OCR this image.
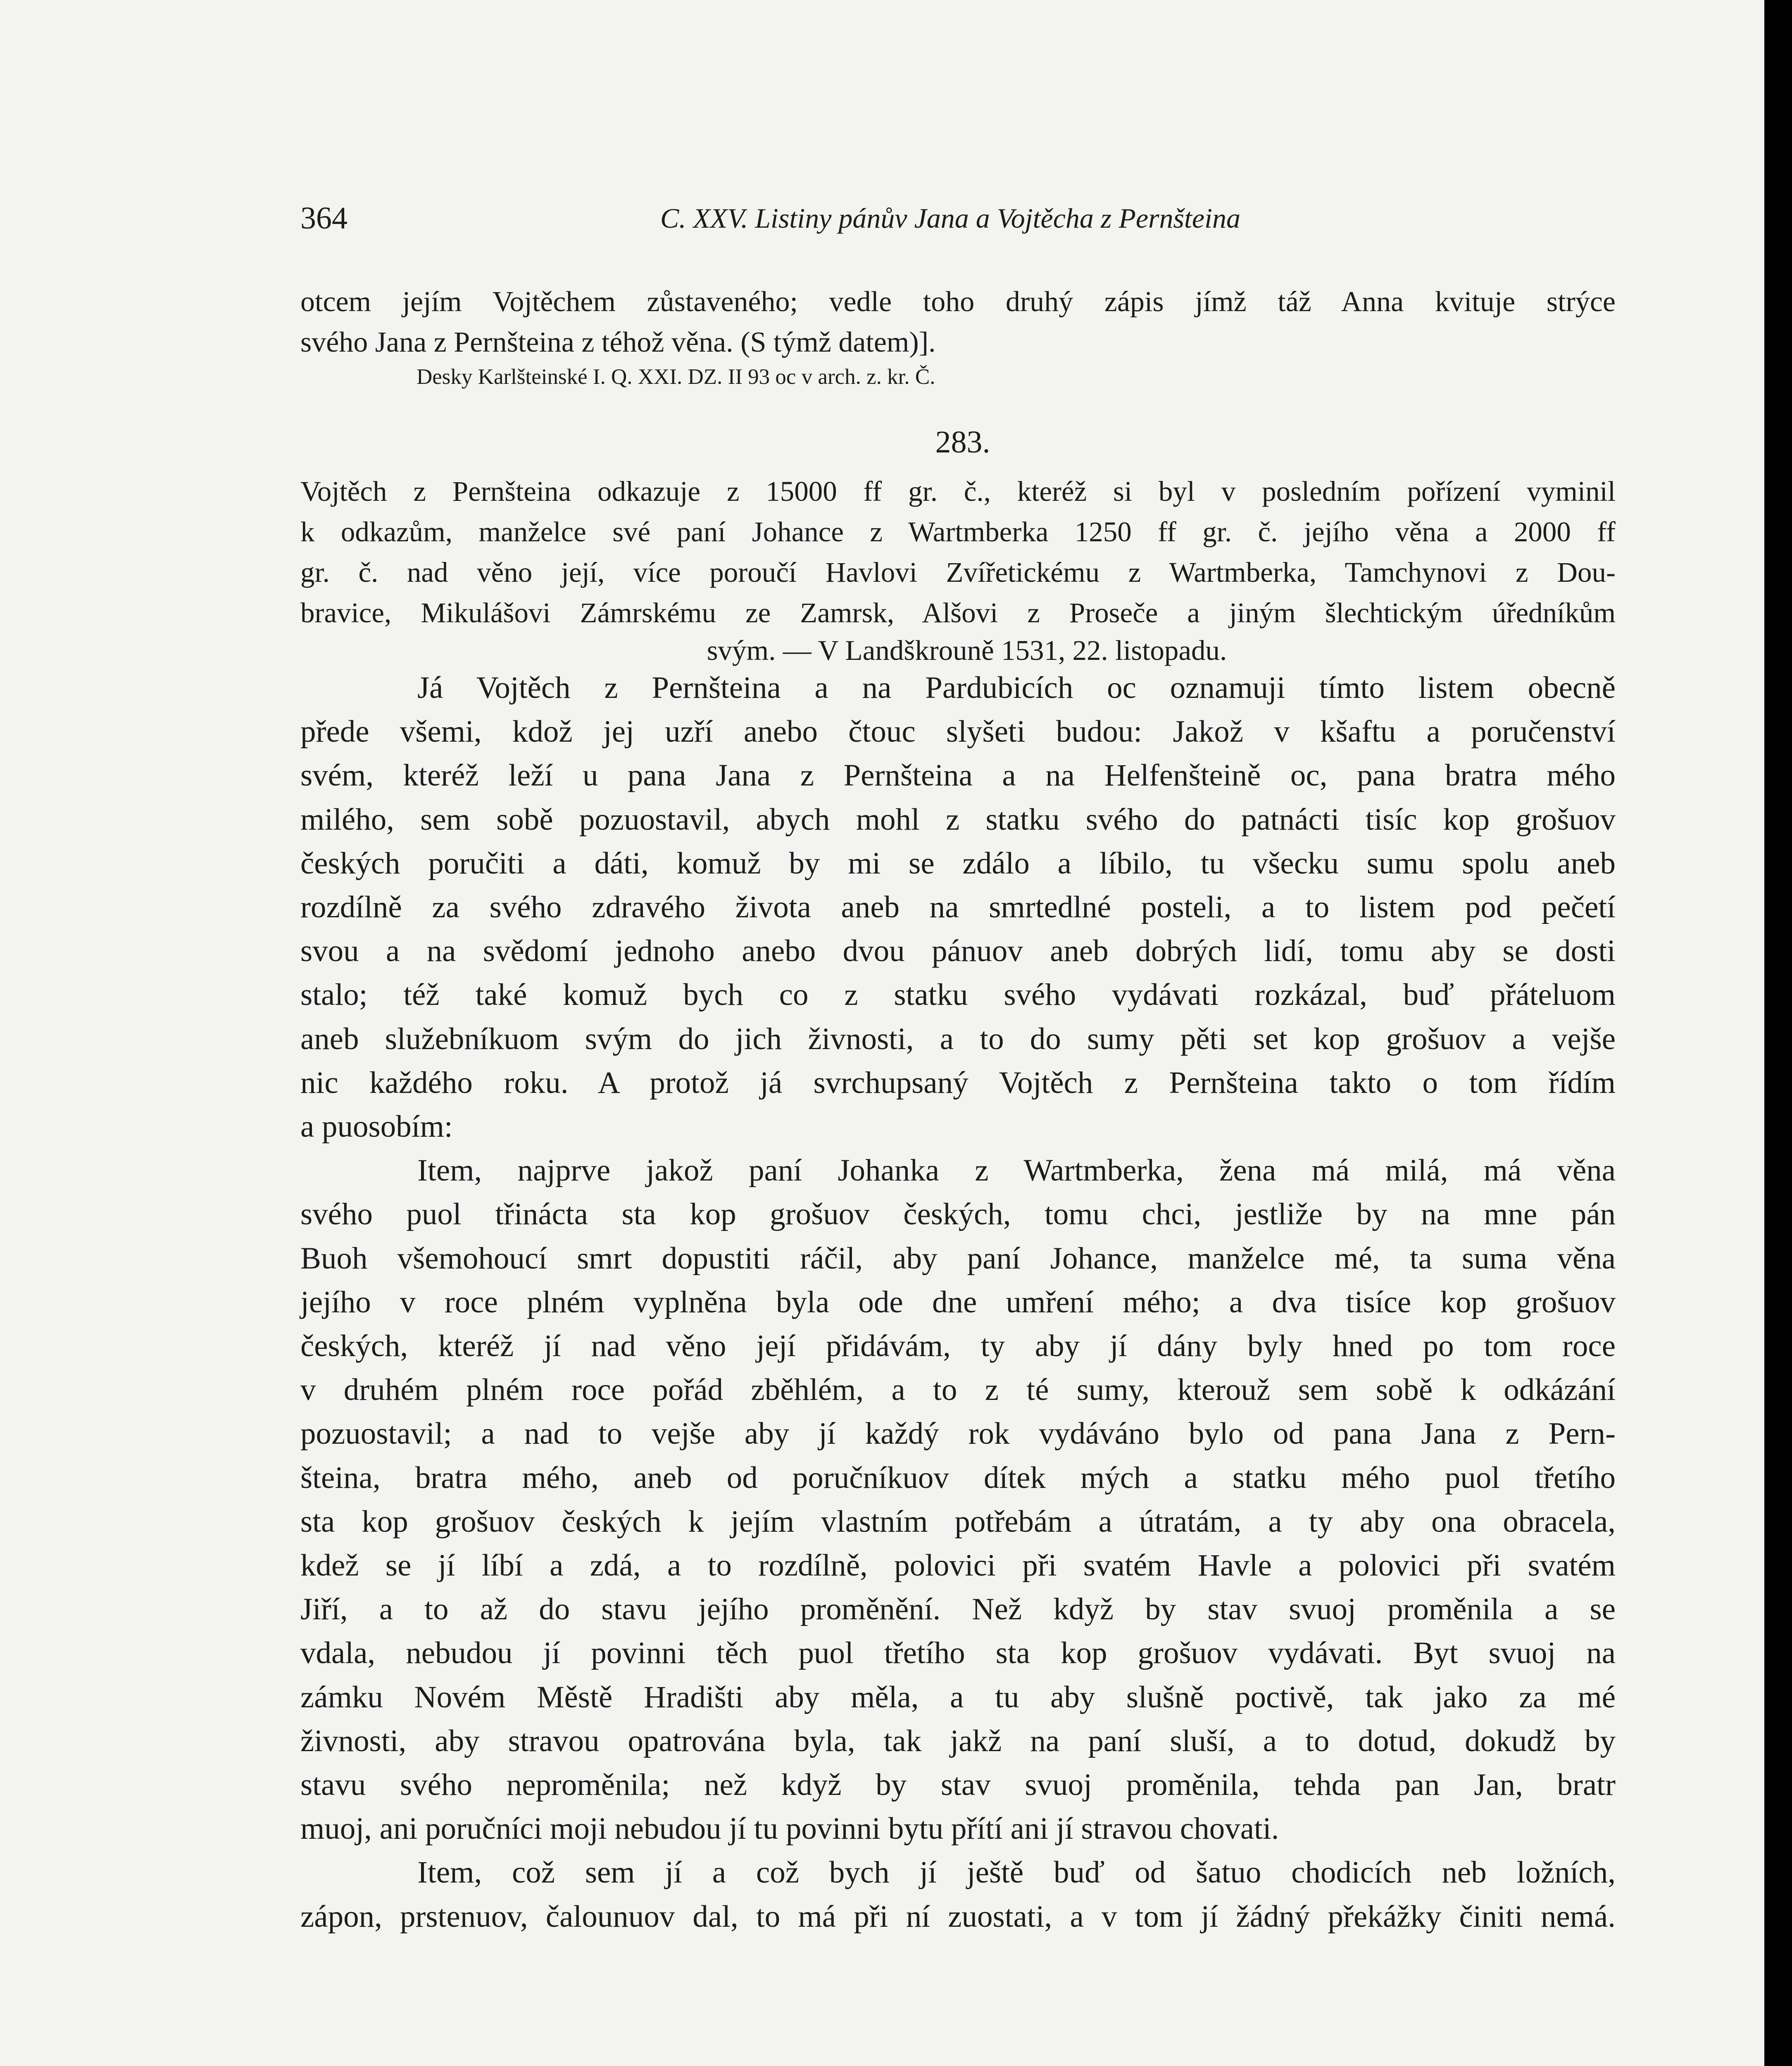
364	C. XXV. Listiny pánův Jana a Vojtěcha z Pernšteina
otcem jejím Vojtěchem zůstaveného; vedle toho druhý zápis jímž táž Anna kvituje strýce
svého Jana z Pernšteina z téhož věna. (S týmž datem)].
Desky Karlšteinské I. Q. XXI. DZ. II 93 oc v arch. z. kr. Č.
283.
Vojtěch z Pernšteina odkazuje z 15000 ff gr. č., kteréž si byl v posledním pořízení vyminil
k odkazům, manželce své paní Johance z Wartmberka 1250 ff gr. č. jejího věna a 2000 ff
gr. č. nad věno její, více poroučí Havlovi Zvířetickému z Wartmberka, Tamchynovi z Dou-
bravice, Mikulášovi Zámrskému ze Zamrsk, Alšovi z Proseče a jiným šlechtickým úředníkům
svým. — V Landškrouně 1531, 22. listopadu.
Já Vojtěch z Pernšteina a na Pardubicích oc oznamuji tímto listem obecně
přede všemi, kdož jej uzří anebo čtouc slyšeti budou: Jakož v kšaftu a poručenství
svém, kteréž leží u pana Jana z Pernšteina a na Helfenšteině oc, pana bratra mého
milého, sem sobě pozuostavil, abych mohl z statku svého do patnácti tisíc kop grošuov
českých poručiti a dáti, komuž by mi se zdálo a líbilo, tu všecku sumu spolu aneb
rozdílně za svého zdravého života aneb na smrtedlné posteli, a to listem pod pečetí
svou a na svědomí jednoho anebo dvou pánuov aneb dobrých lidí, tomu aby se dosti
stalo; též také komuž bych co z statku svého vydávati rozkázal, buď přáteluom
aneb služebníkuom svým do jich živnosti, a to do sumy pěti set kop grošuov a vejše
nic každého roku. A protož já svrchupsaný Vojtěch z Pernšteina takto o tom řídím
a puosobím:
Item, najprve jakož paní Johanka z Wartmberka, žena má milá, má věna
svého puol třinácta sta kop grošuov českých, tomu chci, jestliže by na mne pán
Buoh všemohoucí smrt dopustiti ráčil, aby paní Johance, manželce mé, ta suma věna
jejího v roce plném vyplněna byla ode dne umření mého; a dva tisíce kop grošuov
českých, kteréž jí nad věno její přidávám, ty aby jí dány byly hned po tom roce
v druhém plném roce pořád zběhlém, a to z té sumy, kterouž sem sobě k odkázání
pozuostavil; a nad to vejše aby jí každý rok vydáváno bylo od pana Jana z Pern-
šteina, bratra mého, aneb od poručníkuov dítek mých a statku mého puol třetího
sta kop grošuov českých k jejím vlastním potřebám a útratám, a ty aby ona obracela,
kdež se jí líbí a zdá, a to rozdílně, polovici při svatém Havle a polovici při svatém
Jiří, a to až do stavu jejího proměnění. Než když by stav svuoj proměnila a se
vdala, nebudou jí povinni těch puol třetího sta kop grošuov vydávati. Byt svuoj na
zámku Novém Městě Hradišti aby měla, a tu aby slušně poctivě, tak jako za mé
živnosti, aby stravou opatrována byla, tak jakž na paní sluší, a to dotud, dokudž by
stavu svého neproměnila; než když by stav svuoj proměnila, tehda pan Jan, bratr
muoj, ani poručníci moji nebudou jí tu povinni bytu přítí ani jí stravou chovati.
Item, což sem jí a což bych jí ještě buď od šatuo chodicích neb ložních,
zápon, prstenuov, čalounuov dal, to má při ní zuostati, a v tom jí žádný překážky činiti nemá.
